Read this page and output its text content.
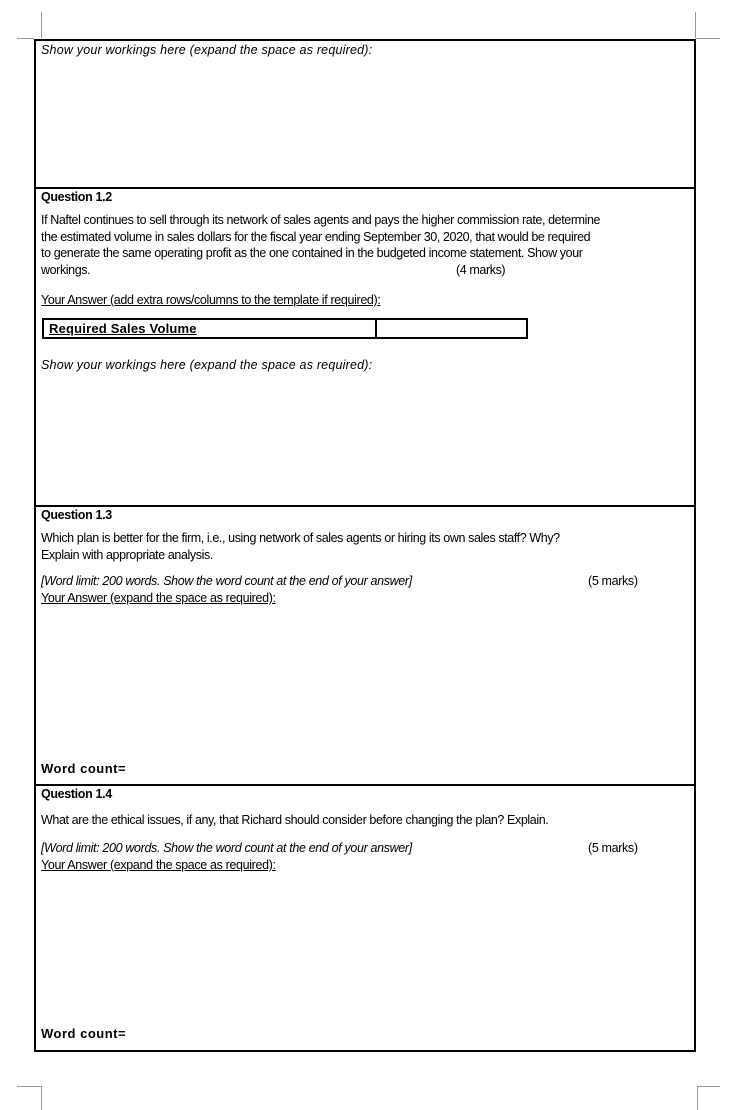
Show your workings here (expand the space as required):
Question 1.2
If Naftel continues to sell through its network of sales agents and pays the higher commission rate, determine
the estimated volume in sales dollars for the fiscal year ending September 30, 2020, that would be required
to generate the same operating profit as the one contained in the budgeted income statement. Show your
workings.	(4 marks)
Your Answer (add extra rows/columns to the template if required):
Required Sales Volume
Show your workings here (expand the space as required):
Question 1.3
Which plan is better for the firm, i.e., using network of sales agents or hiring its own sales staff? Why?
Explain with appropriate analysis.
[Word limit: 200 words. Show the word count at the end of your answer]	(5 marks)
Your Answer (expand the space as required):
Word count=
Question 1.4
What are the ethical issues, if any, that Richard should consider before changing the plan? Explain.
[Word limit: 200 words. Show the word count at the end of your answer]	(5 marks)
Your Answer (expand the space as required):
Word count=
